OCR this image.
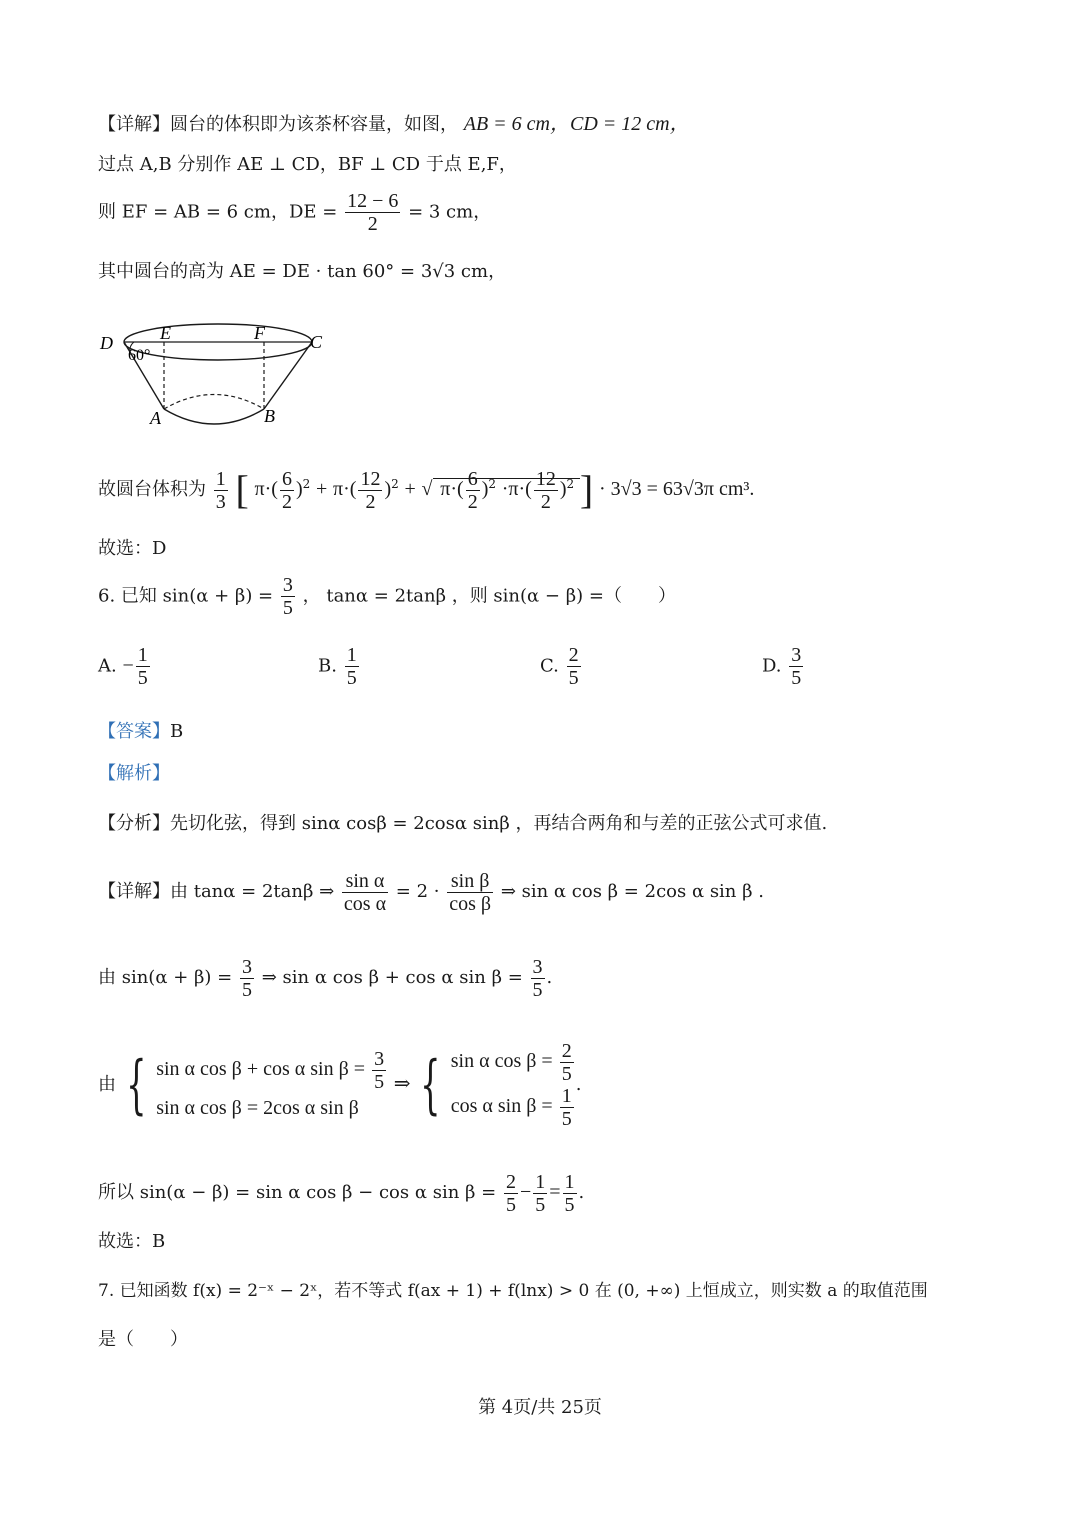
【详解】圆台的体积即为该茶杯容量，如图， AB = 6 cm，CD = 12 cm，
过点 A,B 分别作 AE ⊥ CD，BF ⊥ CD 于点 E,F，
则 EF = AB = 6 cm，DE = $\frac{12 - 6}{2} = 3$ cm，
其中圆台的高为 AE = DE · tan 60° = 3√3 cm，
D	E	F	C
A	B
60°
故圆台体积为 $\frac{1}{3}$ [ $\pi\cdot( \frac{6}{2} )^2 + \pi\cdot( \frac{12}{2} )^2$ + √ $\pi\cdot( \frac{6}{2} )^2 \cdot\pi\cdot( \frac{12}{2} )^2$ ] · 3√3 = 63√3π cm³.
故选：D
6. 已知 $\sin(\alpha + \beta) = \frac{3}{5}$ ， tanα = 2tanβ ，则 sin(α − β) =（　　）
A. − $\frac{1}{5}$	B. $\frac{1}{5}$	C. $\frac{2}{5}$	D. $\frac{3}{5}$
【答案】B
【解析】
【分析】先切化弦，得到 sinα cosβ = 2cosα sinβ ，再结合两角和与差的正弦公式可求值.
【详解】由 tanα = 2tanβ ⇒ $\frac{\text{sin α}}{\text{cos α}} = 2 \cdot \frac{\text{sin β}}{\text{cos β}}$ ⇒ sin α cos β = 2cos α sin β .
由 $\sin(\alpha + \beta) = \frac{3}{5}$ ⇒ sin α cos β + cos α $\sin \beta = \frac{3}{5}$ .
由 { sin α cos β + cos α $\sin \beta = \frac{3}{5}$
sin α cos β = 2cos α sin β
⇒ { sin α $\cos \beta = \frac{2}{5}$
cos α $\sin \beta = \frac{1}{5}$
.
所以 sin(α − β) = sin α cos β − cos α $\sin \beta = \frac{2}{5} - \frac{1}{5} = \frac{1}{5}$ .
故选：B
7. 已知函数 f(x) = 2⁻ˣ − 2ˣ，若不等式 f(ax + 1) + f(lnx) > 0 在 (0, +∞) 上恒成立，则实数 a 的取值范围
是（　　）
第 4页/共 25页
